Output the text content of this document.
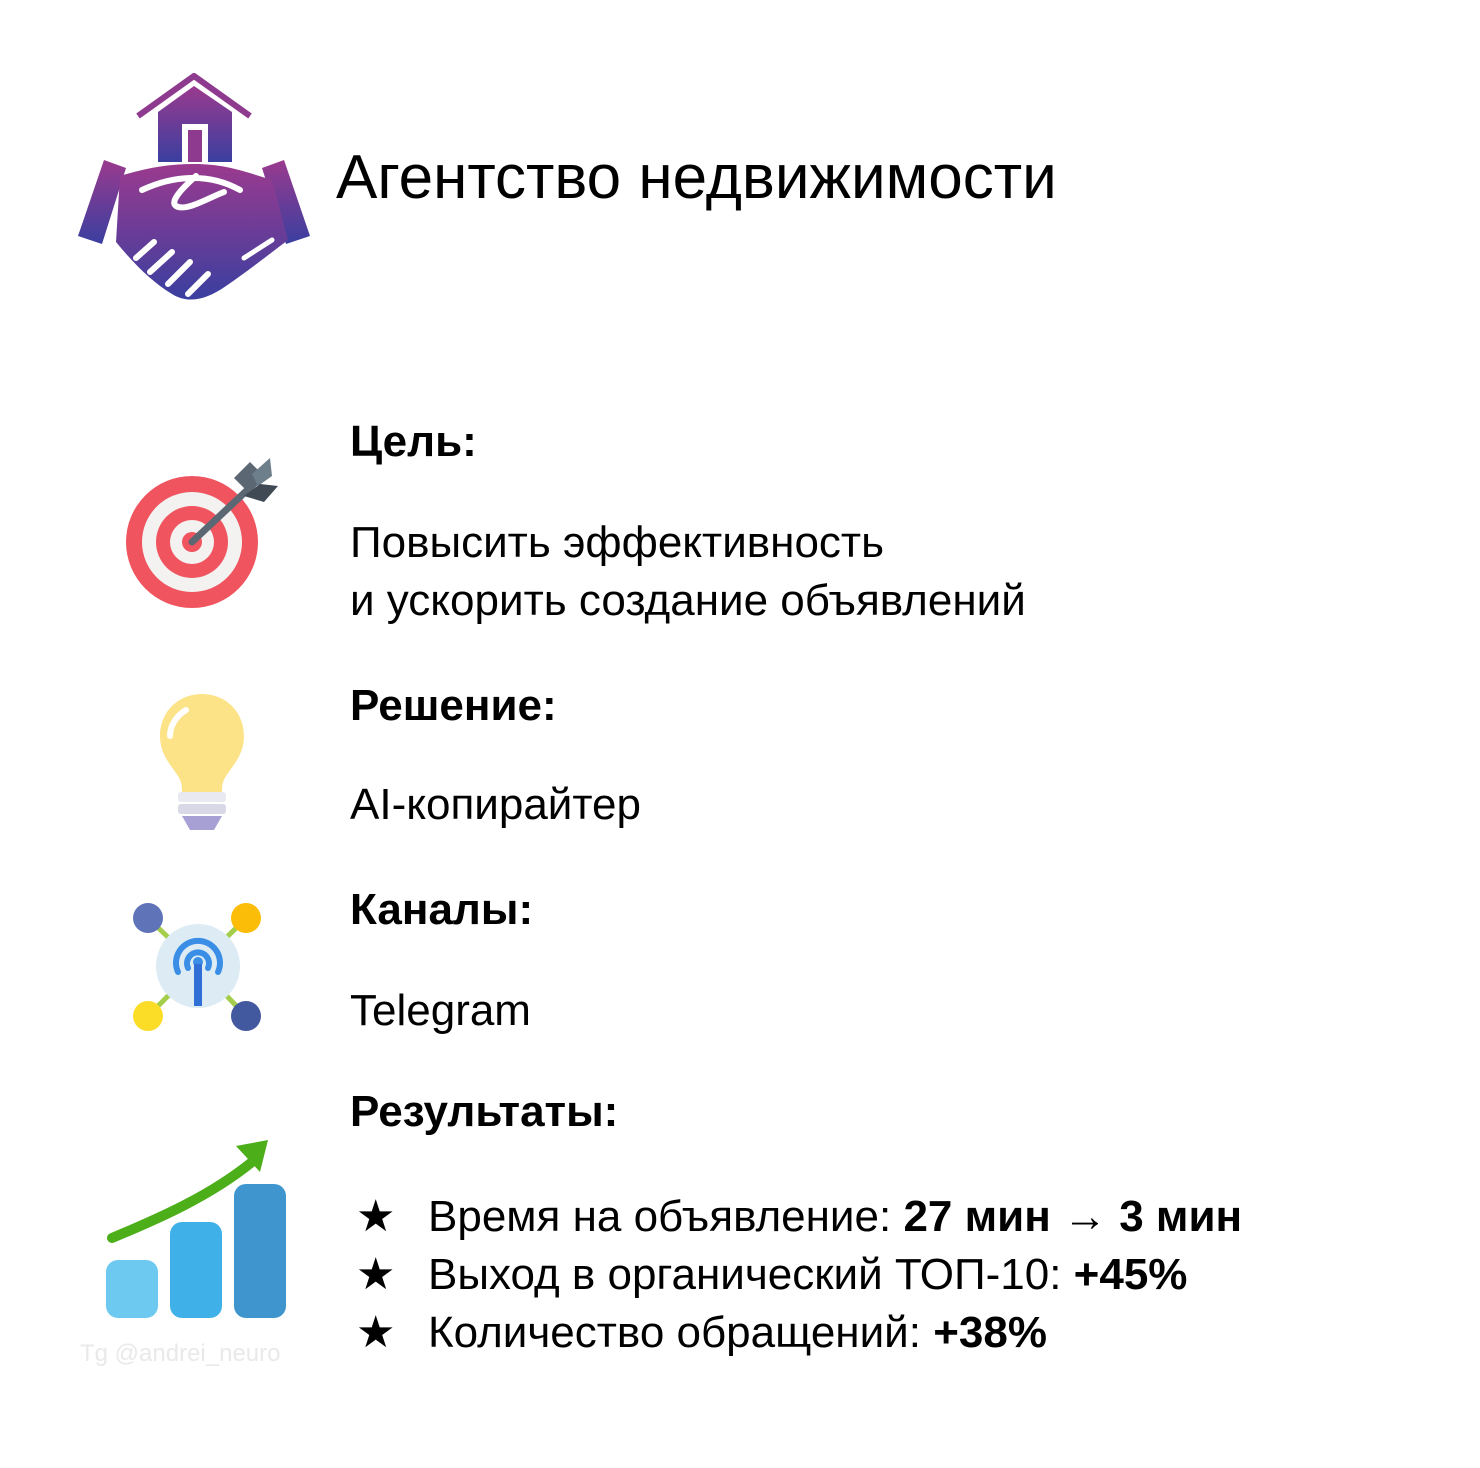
Агентство недвижимости
Цель:
Повысить эффективность
и ускорить создание объявлений
Решение:
AI-копирайтер
Каналы:
Telegram
Результаты:
★ Время на объявление: 27 мин → 3 мин
★ Выход в органический ТОП-10: +45%
★ Количество обращений: +38%
Tg @andrei_neuro
